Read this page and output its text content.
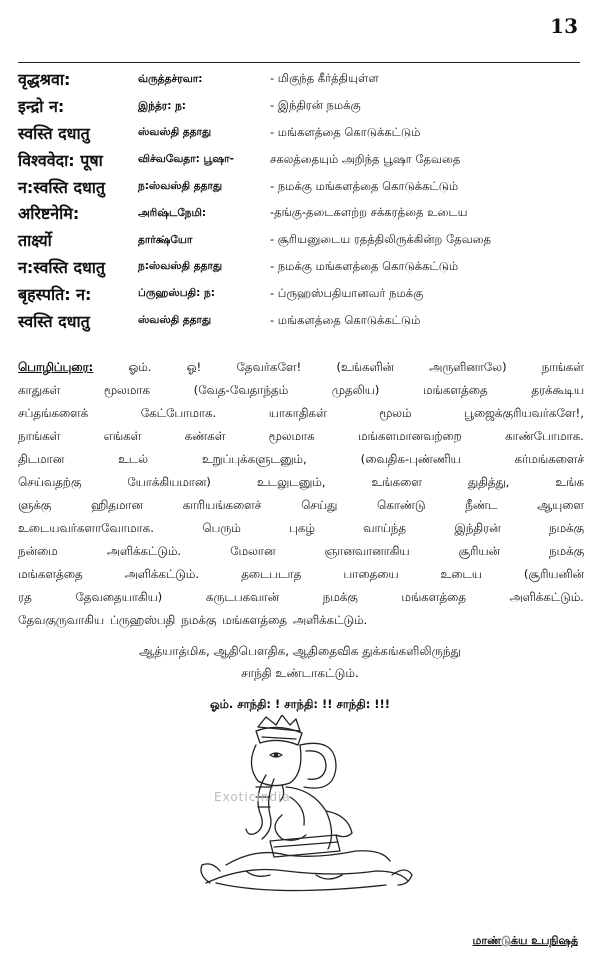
13
वृद्धश्रवा:	வ்ருத்தச்ரவா:	- மிகுந்த கீர்த்தியுள்ள
इन्द्रो न:	இந்த்ர: ந:	- இந்திரன் நமக்கு
स्वस्ति दधातु	ஸ்வஸ்தி ததாது	- மங்களத்தை கொடுக்கட்டும்
विश्ववेदा: पूषा	விச்வவேதா: பூஷா-	சகலத்தையும் அறிந்த பூஷா தேவதை
न:स्वस्ति दधातु	ந:ஸ்வஸ்தி ததாது	- நமக்கு மங்களத்தை கொடுக்கட்டும்
अरिष्टनेमि:	அரிஷ்டநேமி:	-தங்கு-தடைகளற்ற சக்கரத்தை உடைய
तार्क्ष्यो	தார்க்ஷ்யோ	- சூரியனுடைய ரதத்திலிருக்கின்ற தேவதை
न:स्वस्ति दधातु	ந:ஸ்வஸ்தி ததாது	- நமக்கு மங்களத்தை கொடுக்கட்டும்
बृहस्पति: न:	ப்ருஹஸ்பதி: ந:	- ப்ருஹஸ்பதியானவர் நமக்கு
स्वस्ति दधातु	ஸ்வஸ்தி ததாது	- மங்களத்தை கொடுக்கட்டும்
பொழிப்புரை:	ஓம்.	ஓ!	தேவர்களே!	(உங்களின்	அருளினாலே)	நாங்கள்
காதுகள்	மூலமாக	(வேத-வேதாந்தம்	முதலிய)	மங்களத்தை	தரக்கூடிய
சப்தங்களைக்	கேட்போமாக.	யாகாதிகள்	மூலம்	பூஜைக்குரியவர்களே!,
நாங்கள்	எங்கள்	கண்கள்	மூலமாக	மங்களமானவற்றை	காண்போமாக.
திடமான	உடல்	உறுப்புக்களுடனும்,	(வைதிக-புண்ணிய	கர்மங்களைச்
செய்வதற்கு	யோக்கியமான)	உடலுடனும்,	உங்களை	துதித்து,	உங்க
ளுக்கு	ஹிதமான	காரியங்களைச்	செய்து	கொண்டு	நீண்ட	ஆயுளை
உடையவர்களாவோமாக.	பெரும்	புகழ்	வாய்ந்த	இந்திரன்	நமக்கு
நன்மை	அளிக்கட்டும்.	மேலான	ஞானவானாகிய	சூரியன்	நமக்கு
மங்களத்தை	அளிக்கட்டும்.	தடைபடாத	பாதையை	உடைய	(சூரியனின்
ரத	தேவதையாகிய)	கருடபகவான்	நமக்கு	மங்களத்தை	அளிக்கட்டும்.
தேவகுருவாகிய ப்ருஹஸ்பதி நமக்கு மங்களத்தை அளிக்கட்டும்.
ஆத்யாத்மிக, ஆதிபௌதிக, ஆதிதைவிக துக்கங்களிலிருந்து
சாந்தி உண்டாகட்டும்.
ஓம். சாந்தி: ! சாந்தி: !! சாந்தி: !!!
ExoticIndia
மாண்டுக்ய உபநிஷத்
